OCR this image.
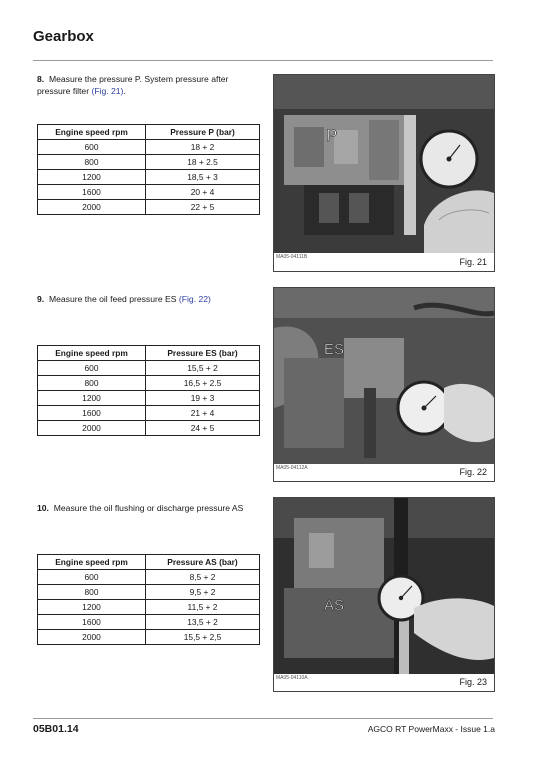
Gearbox
8. Measure the pressure P. System pressure after pressure filter (Fig. 21).
Engine speed rpm	Pressure P (bar)
600	18 + 2
800	18 + 2.5
1200	18,5 + 3
1600	20 + 4
2000	22 + 5
P
MA05-04111B	Fig. 21
9. Measure the oil feed pressure ES (Fig. 22)
Engine speed rpm	Pressure ES (bar)
600	15,5 + 2
800	16,5 + 2.5
1200	19 + 3
1600	21 + 4
2000	24 + 5
ES
MA05-04112A	Fig. 22
10. Measure the oil flushing or discharge pressure AS
Engine speed rpm	Pressure AS (bar)
600	8,5 + 2
800	9,5 + 2
1200	11,5 + 2
1600	13,5 + 2
2000	15,5 + 2,5
AS
MA05-04110A	Fig. 23
05B01.14	AGCO RT PowerMaxx - Issue 1.a
